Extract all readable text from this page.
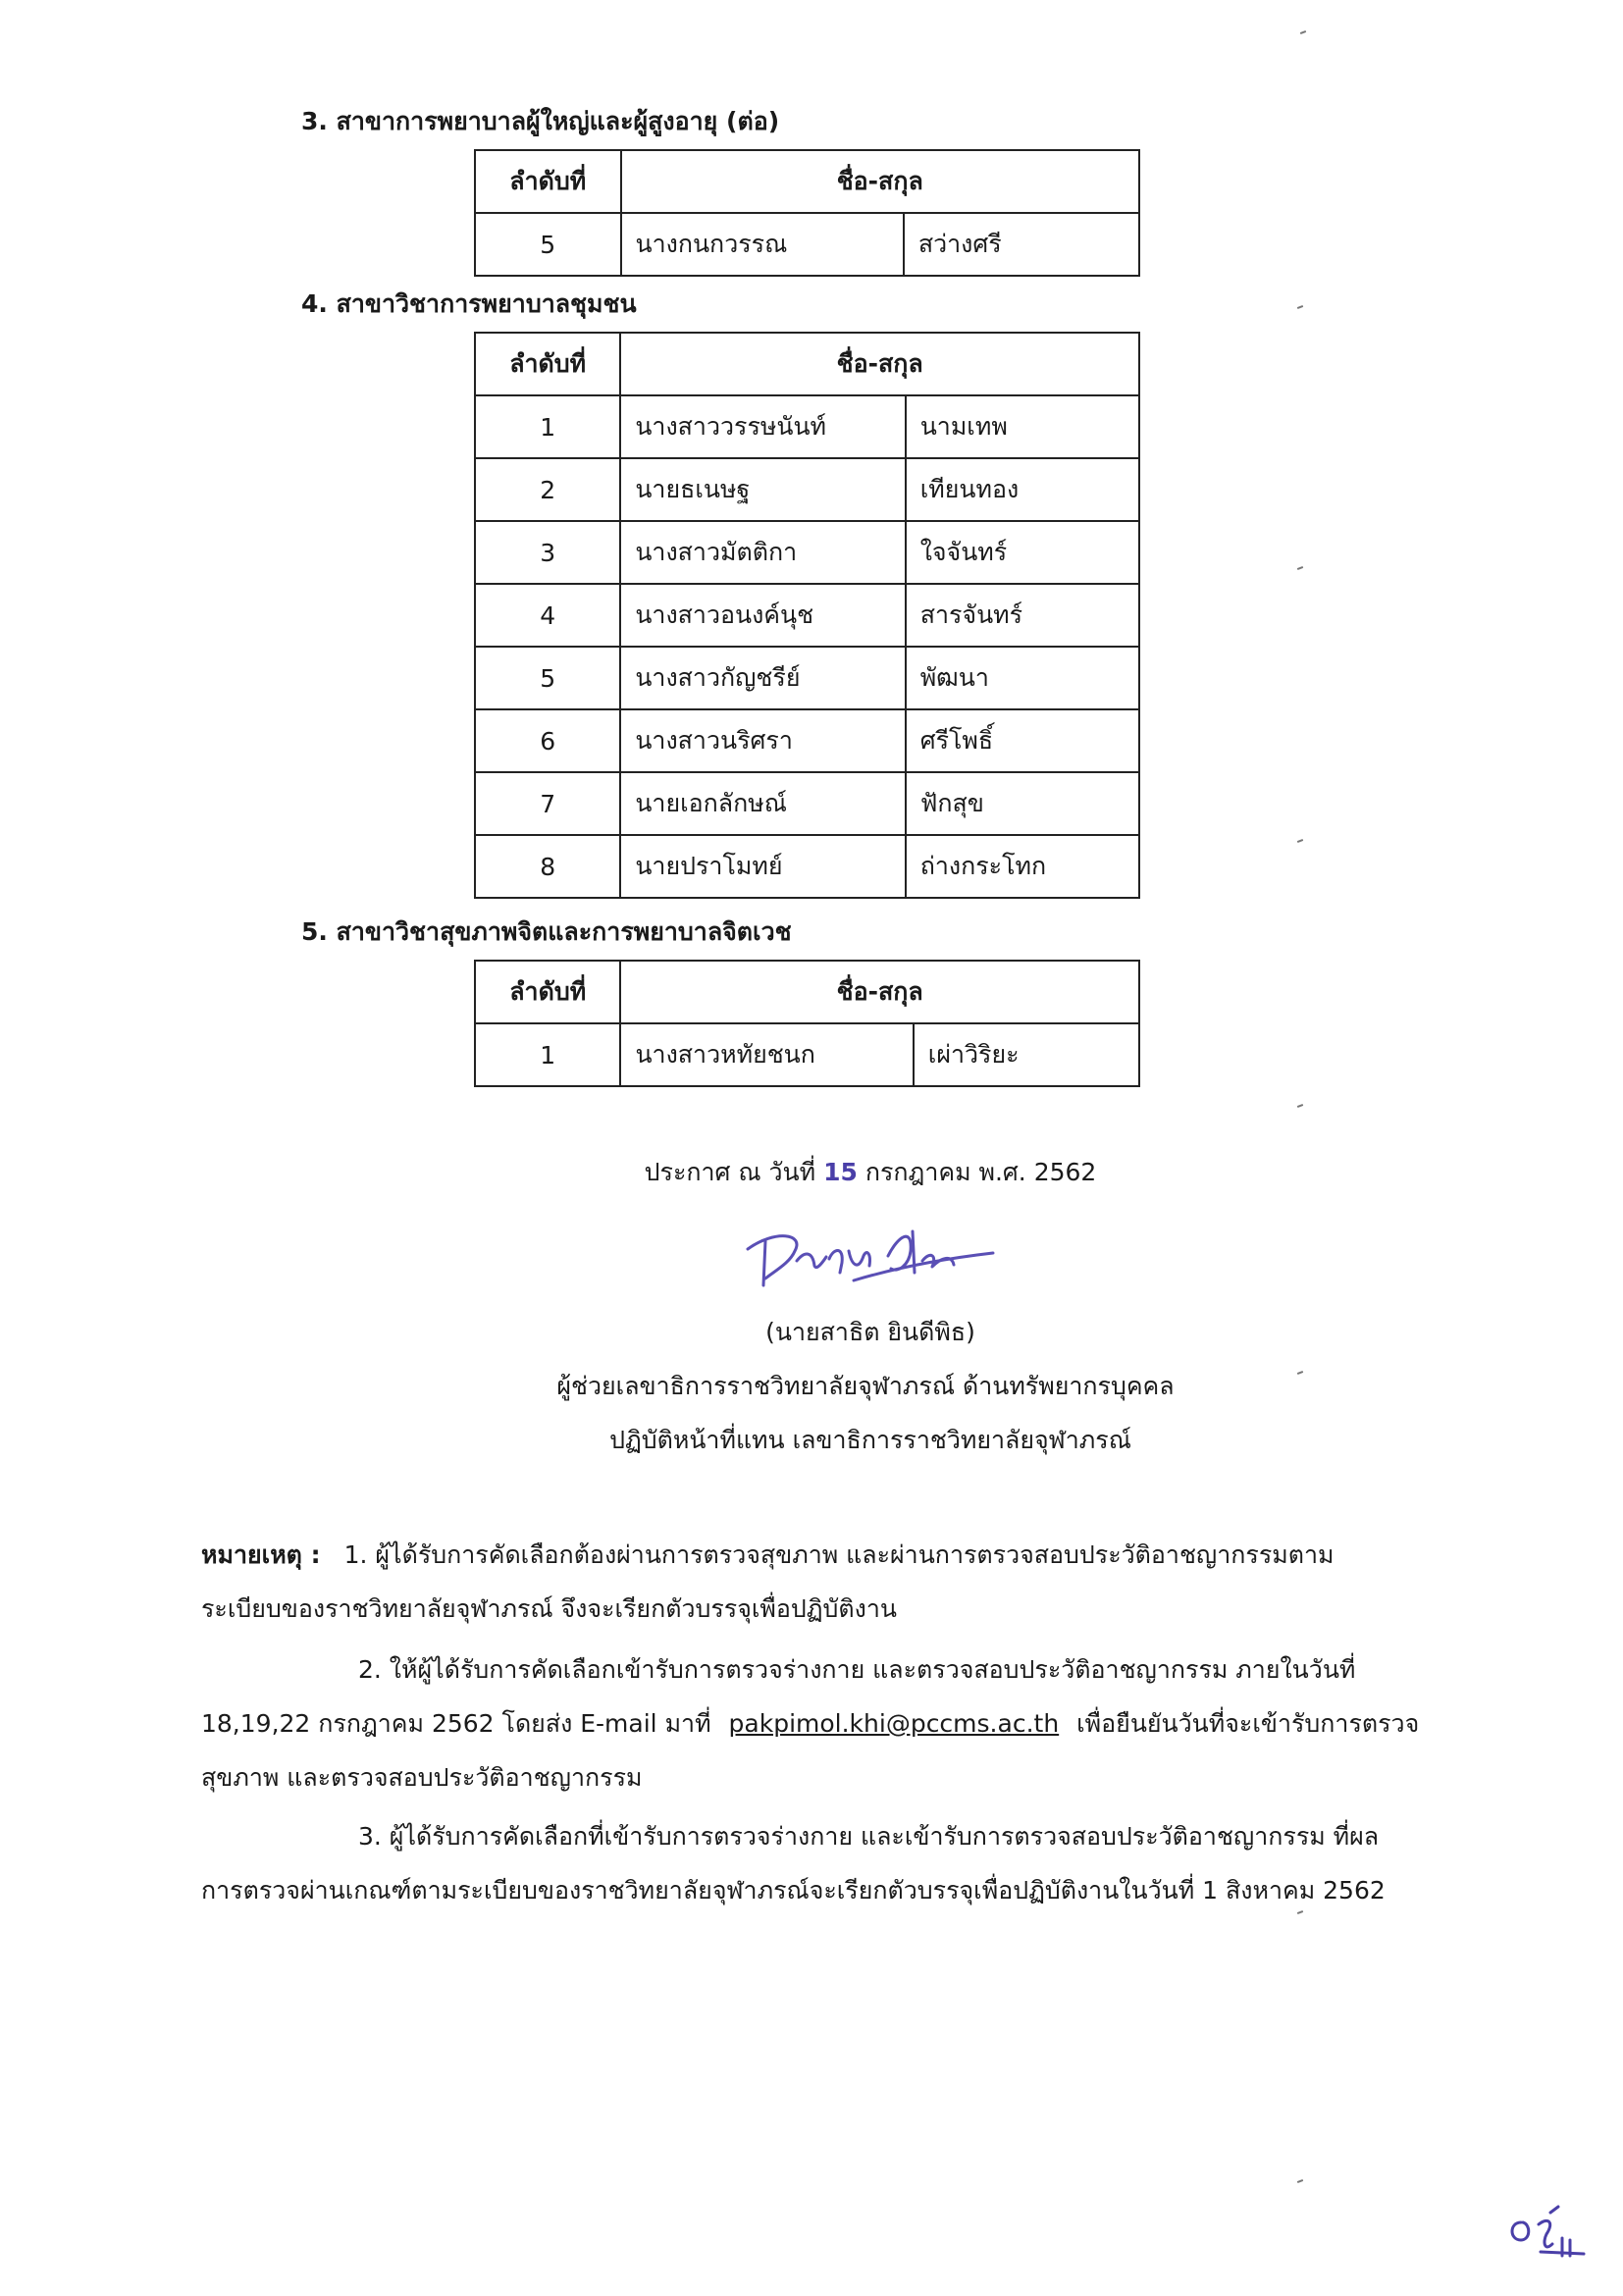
3. สาขาการพยาบาลผู้ใหญ่และผู้สูงอายุ (ต่อ)
ลำดับที่	ชื่อ-สกุล	
5	นางกนกวรรณ	สว่างศรี
4. สาขาวิชาการพยาบาลชุมชน
ลำดับที่	ชื่อ-สกุล	
1	นางสาววรรษนันท์	นามเทพ
2	นายธเนษฐ	เทียนทอง
3	นางสาวมัตติกา	ใจจันทร์
4	นางสาวอนงค์นุช	สารจันทร์
5	นางสาวกัญชรีย์	พัฒนา
6	นางสาวนริศรา	ศรีโพธิ์
7	นายเอกลักษณ์	ฟักสุข
8	นายปราโมทย์	ถ่างกระโทก
5. สาขาวิชาสุขภาพจิตและการพยาบาลจิตเวช
ลำดับที่	ชื่อ-สกุล	
1	นางสาวหทัยชนก	เผ่าวิริยะ
ประกาศ ณ วันที่ 15 กรกฎาคม พ.ศ. 2562
(นายสาธิต ยินดีพิธ)
ผู้ช่วยเลขาธิการราชวิทยาลัยจุฬาภรณ์ ด้านทรัพยากรบุคคล
ปฏิบัติหน้าที่แทน เลขาธิการราชวิทยาลัยจุฬาภรณ์
หมายเหตุ : 1. ผู้ได้รับการคัดเลือกต้องผ่านการตรวจสุขภาพ และผ่านการตรวจสอบประวัติอาชญากรรมตาม
ระเบียบของราชวิทยาลัยจุฬาภรณ์ จึงจะเรียกตัวบรรจุเพื่อปฏิบัติงาน
2. ให้ผู้ได้รับการคัดเลือกเข้ารับการตรวจร่างกาย และตรวจสอบประวัติอาชญากรรม ภายในวันที่
18,19,22 กรกฎาคม 2562 โดยส่ง E-mail มาที่ pakpimol.khi@pccms.ac.th เพื่อยืนยันวันที่จะเข้ารับการตรวจ
สุขภาพ และตรวจสอบประวัติอาชญากรรม
3. ผู้ได้รับการคัดเลือกที่เข้ารับการตรวจร่างกาย และเข้ารับการตรวจสอบประวัติอาชญากรรม ที่ผล
การตรวจผ่านเกณฑ์ตามระเบียบของราชวิทยาลัยจุฬาภรณ์จะเรียกตัวบรรจุเพื่อปฏิบัติงานในวันที่ 1 สิงหาคม 2562
